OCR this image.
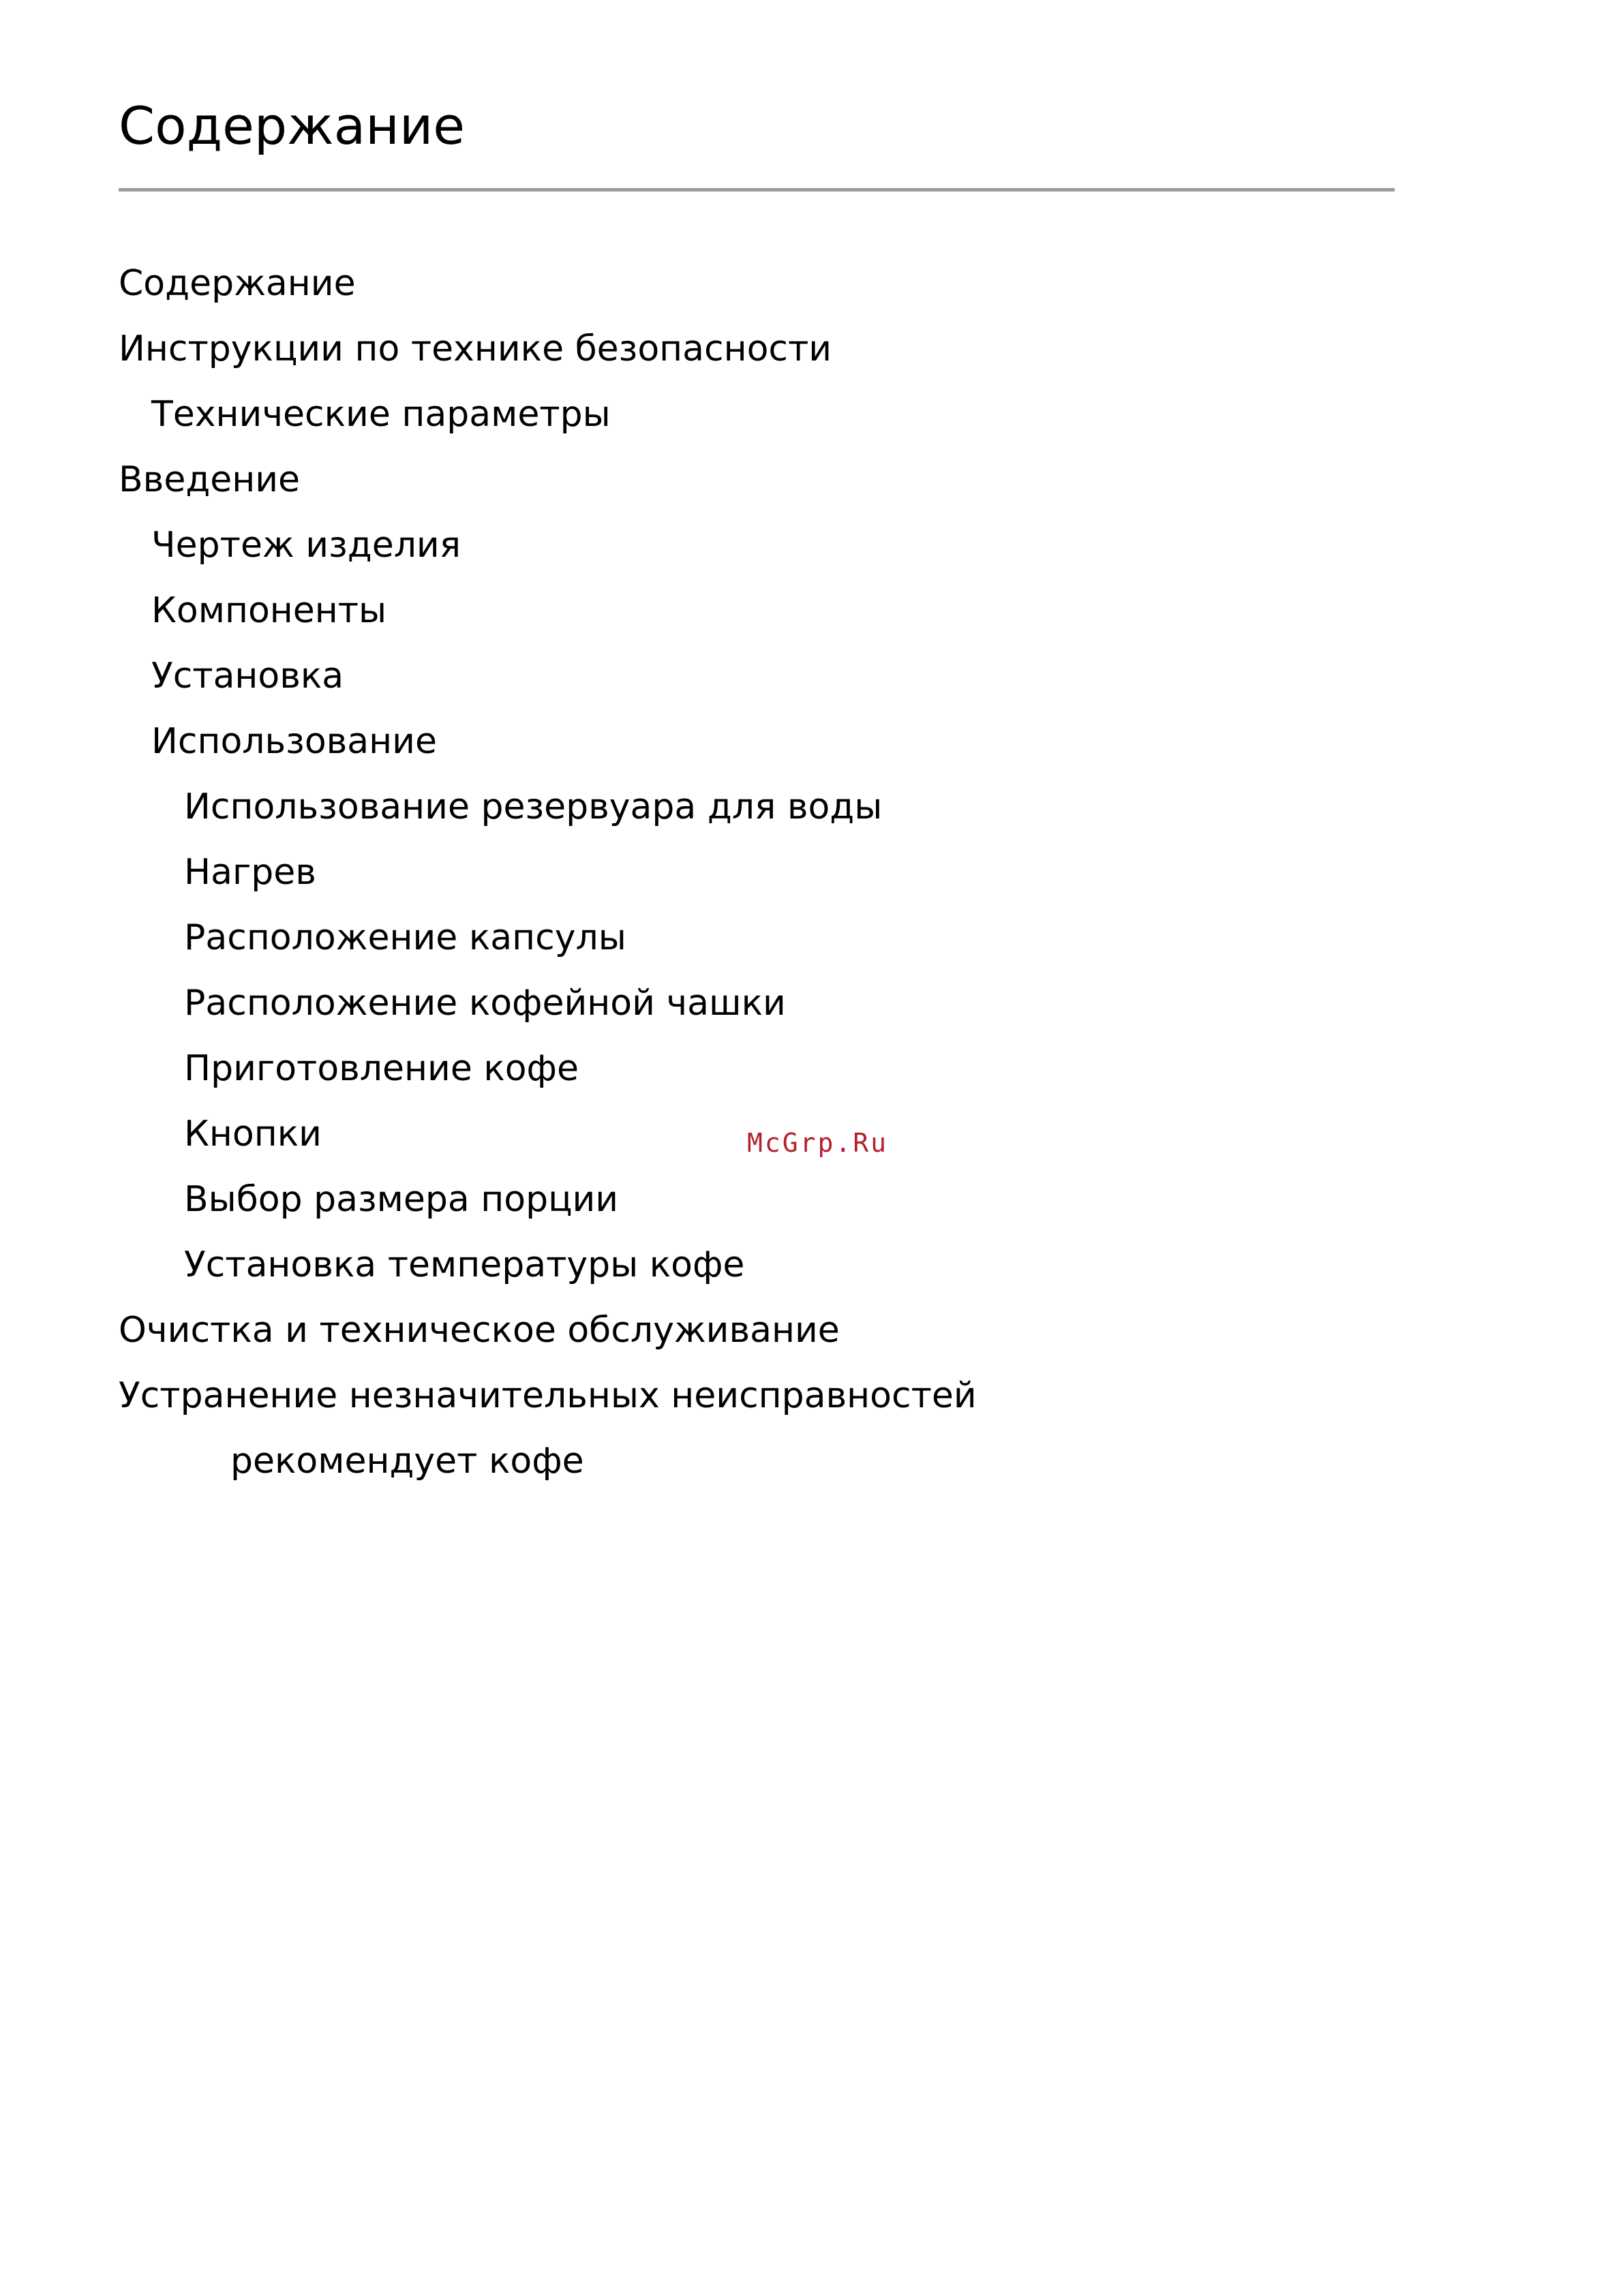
Содержание
Содержание
Инструкции по технике безопасности
Технические параметры
Введение
Чертеж изделия
Компоненты
Установка
Использование
Использование резервуара для воды
Нагрев
Расположение капсулы
Расположение кофейной чашки
Приготовление кофе
Кнопки
Выбор размера порции
Установка температуры кофе
Очистка и техническое обслуживание
Устранение незначительных неисправностей
рекомендует кофе
McGrp.Ru
